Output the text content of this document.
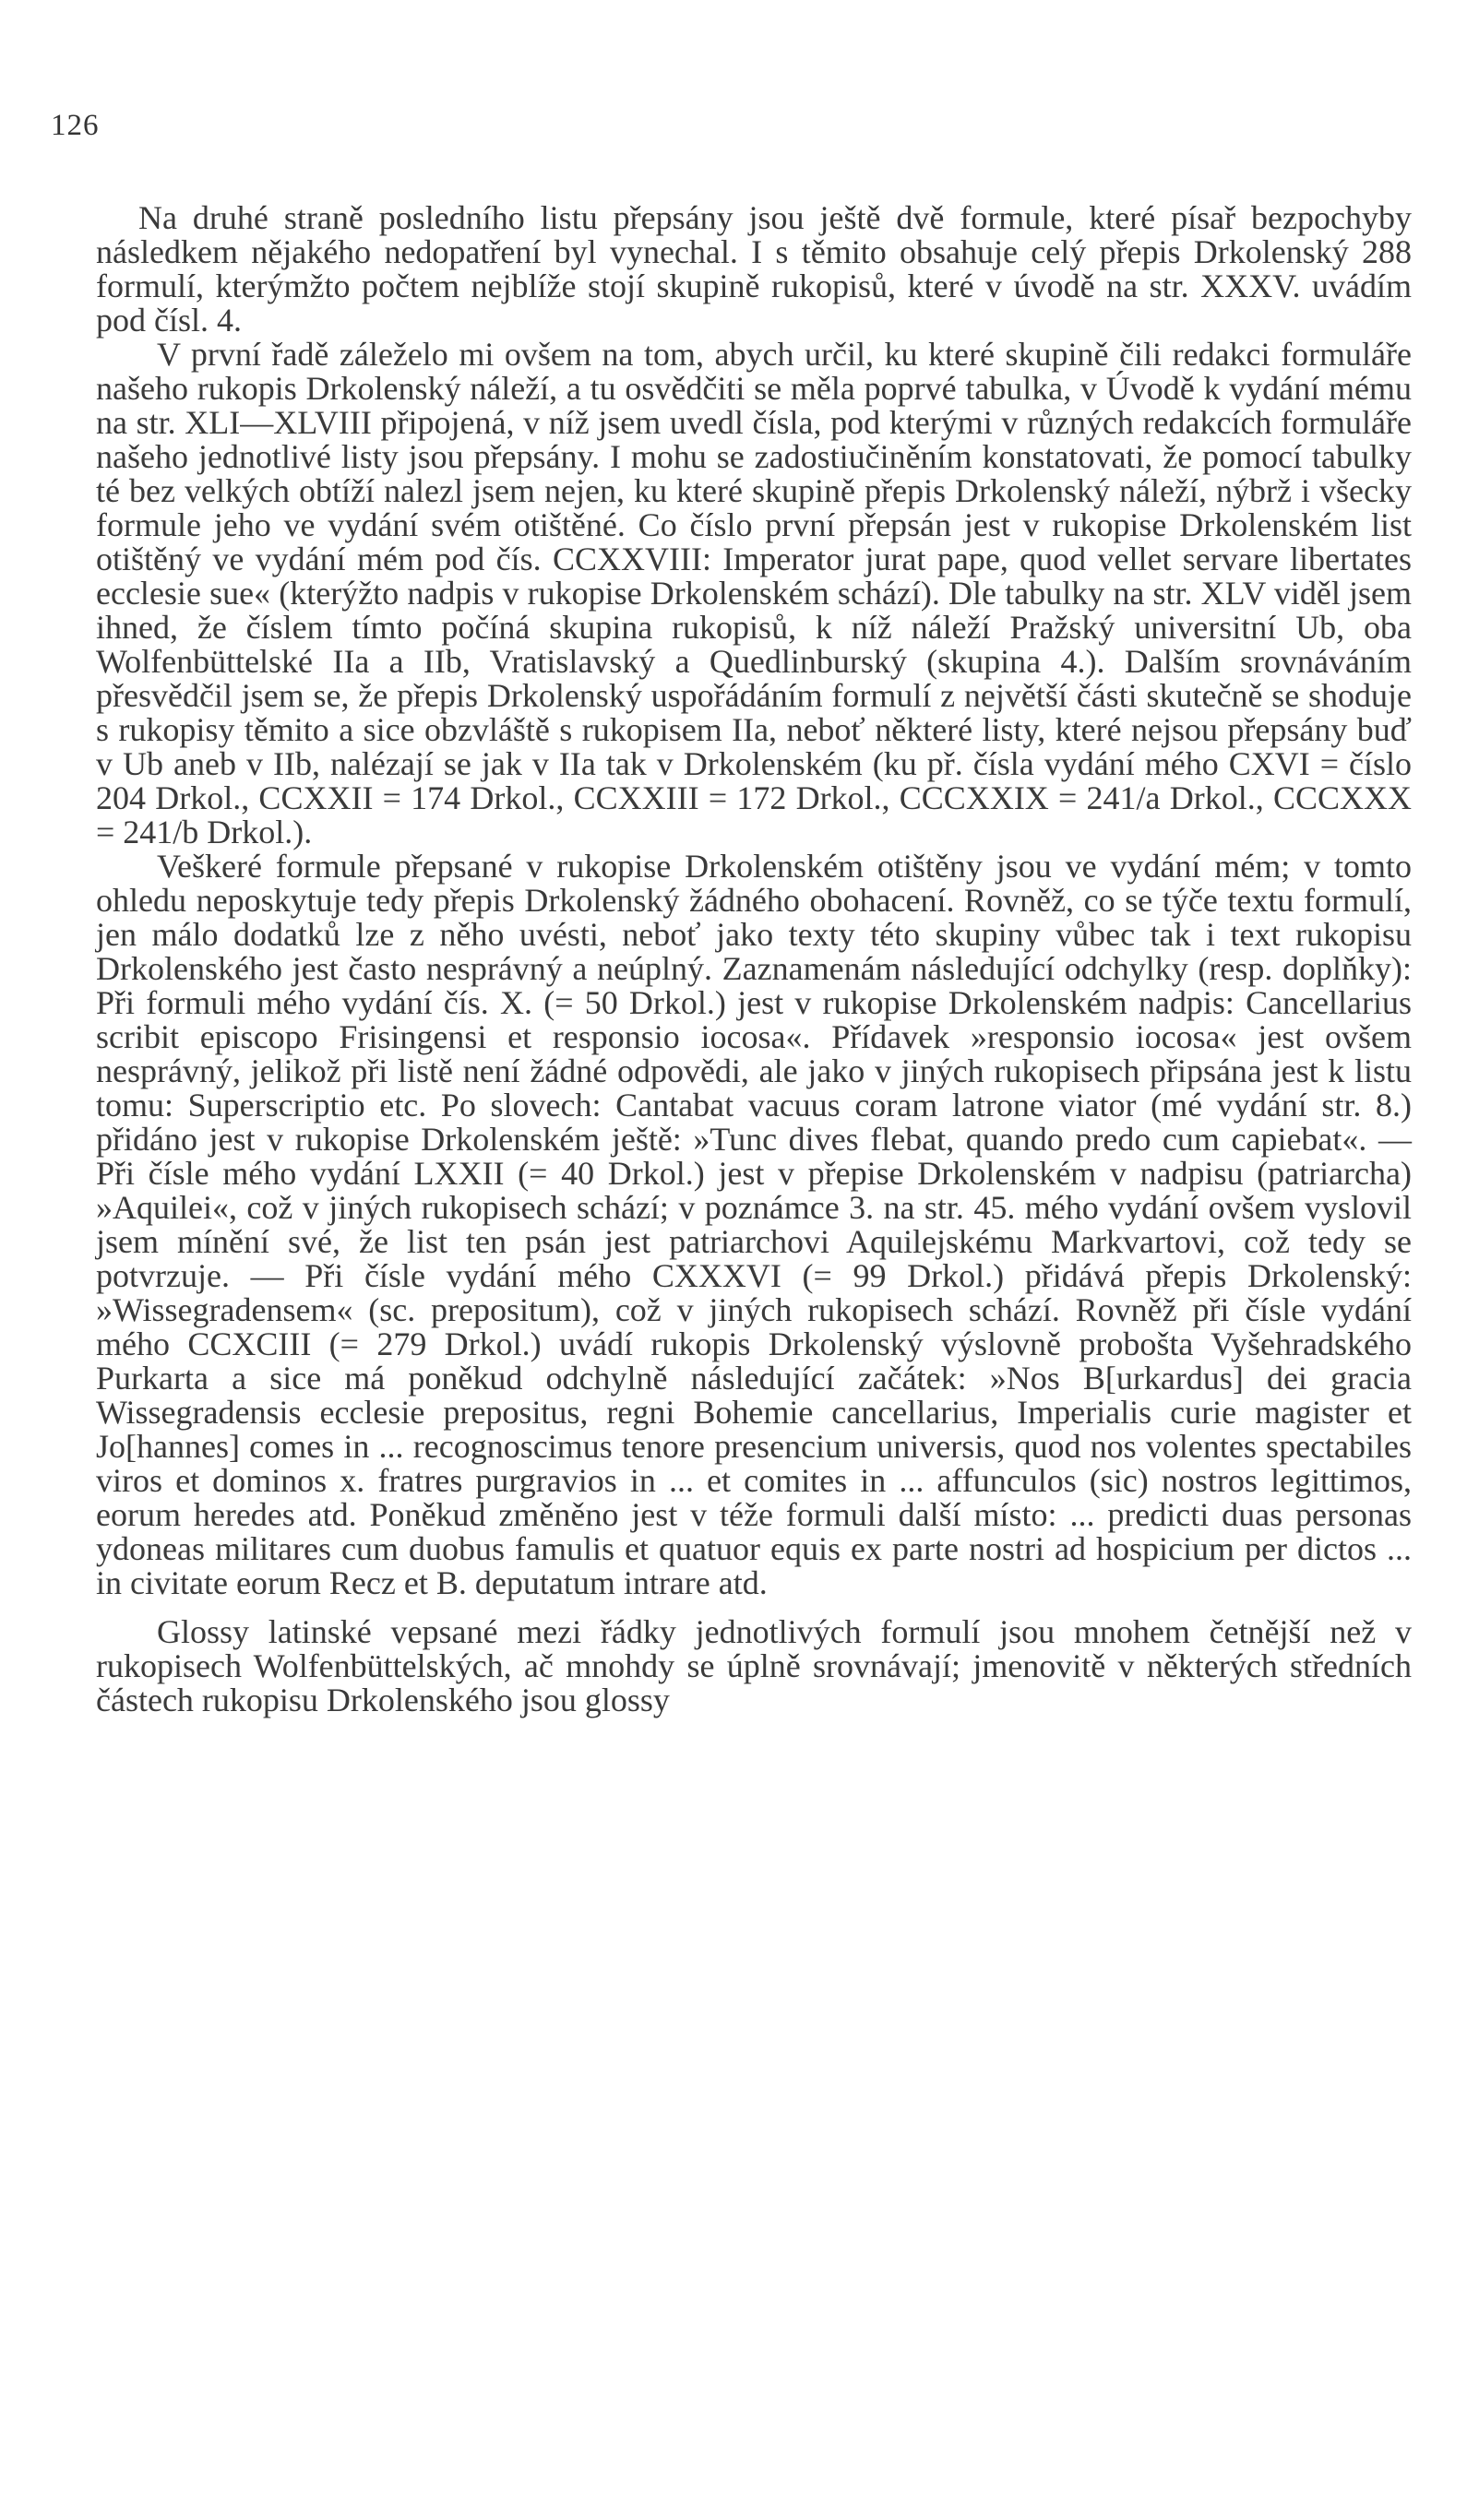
126

Na druhé straně posledního listu přepsány jsou ještě dvě formule, které písař bezpochyby následkem nějakého nedopatření byl vynechal. I s těmito obsahuje celý přepis Drkolenský 288 formulí, kterýmžto počtem nejblíže stojí skupině rukopisů, které v úvodě na str. XXXV. uvádím pod čísl. 4.

V první řadě záleželo mi ovšem na tom, abych určil, ku které skupině čili redakci formuláře našeho rukopis Drkolenský náleží, a tu osvědčiti se měla poprvé tabulka, v Úvodě k vydání mému na str. XLI—XLVIII připojená, v níž jsem uvedl čísla, pod kterými v různých redakcích formuláře našeho jednotlivé listy jsou přepsány. I mohu se zadostiučiněním konstatovati, že pomocí tabulky té bez velkých obtíží nalezl jsem nejen, ku které skupině přepis Drkolenský náleží, nýbrž i všecky formule jeho ve vydání svém otištěné. Co číslo první přepsán jest v rukopise Drkolenském list otištěný ve vydání mém pod čís. CCXXVIII: Imperator jurat pape, quod vellet servare libertates ecclesie sue« (kterýžto nadpis v rukopise Drkolenském schází). Dle tabulky na str. XLV viděl jsem ihned, že číslem tímto počíná skupina rukopisů, k níž náleží Pražský universitní Ub, oba Wolfenbüttelské IIa a IIb, Vratislavský a Quedlinburský (skupina 4.). Dalším srovnáváním přesvědčil jsem se, že přepis Drkolenský uspořádáním formulí z největší části skutečně se shoduje s rukopisy těmito a sice obzvláště s rukopisem IIa, neboť některé listy, které nejsou přepsány buď v Ub aneb v IIb, nalézají se jak v IIa tak v Drkolenském (ku př. čísla vydání mého CXVI = číslo 204 Drkol., CCXXII = 174 Drkol., CCXXIII = 172 Drkol., CCCXXIX = 241/a Drkol., CCCXXX = 241/b Drkol.).

Veškeré formule přepsané v rukopise Drkolenském otištěny jsou ve vydání mém; v tomto ohledu neposkytuje tedy přepis Drkolenský žádného obohacení. Rovněž, co se týče textu formulí, jen málo dodatků lze z něho uvésti, neboť jako texty této skupiny vůbec tak i text rukopisu Drkolenského jest často nesprávný a neúplný. Zaznamenám následující odchylky (resp. doplňky): Při formuli mého vydání čís. X. (= 50 Drkol.) jest v rukopise Drkolenském nadpis: Cancellarius scribit episcopo Frisingensi et responsio iocosa«. Přídavek »responsio iocosa« jest ovšem nesprávný, jelikož při listě není žádné odpovědi, ale jako v jiných rukopisech připsána jest k listu tomu: Superscriptio etc. Po slovech: Cantabat vacuus coram latrone viator (mé vydání str. 8.) přidáno jest v rukopise Drkolenském ještě: »Tunc dives flebat, quando predo cum capiebat«. — Při čísle mého vydání LXXII (= 40 Drkol.) jest v přepise Drkolenském v nadpisu (patriarcha) »Aquilei«, což v jiných rukopisech schází; v poznámce 3. na str. 45. mého vydání ovšem vyslovil jsem mínění své, že list ten psán jest patriarchovi Aquilejskému Markvartovi, což tedy se potvrzuje. — Při čísle vydání mého CXXXVI (= 99 Drkol.) přidává přepis Drkolenský: »Wissegradensem« (sc. prepositum), což v jiných rukopisech schází. Rovněž při čísle vydání mého CCXCIII (= 279 Drkol.) uvádí rukopis Drkolenský výslovně probošta Vyšehradského Purkarta a sice má poněkud odchylně následující začátek: »Nos B[urkardus] dei gracia Wissegradensis ecclesie prepositus, regni Bohemie cancellarius, Imperialis curie magister et Jo[hannes] comes in ... recognoscimus tenore presencium universis, quod nos volentes spectabiles viros et dominos x. fratres purgravios in ... et comites in ... affunculos (sic) nostros legittimos, eorum heredes atd. Poněkud změněno jest v téže formuli další místo: ... predicti duas personas ydoneas militares cum duobus famulis et quatuor equis ex parte nostri ad hospicium per dictos ... in civitate eorum Recz et B. deputatum intrare atd.

Glossy latinské vepsané mezi řádky jednotlivých formulí jsou mnohem četnější než v rukopisech Wolfenbüttelských, ač mnohdy se úplně srovnávají; jmenovitě v některých středních částech rukopisu Drkolenského jsou glossy
